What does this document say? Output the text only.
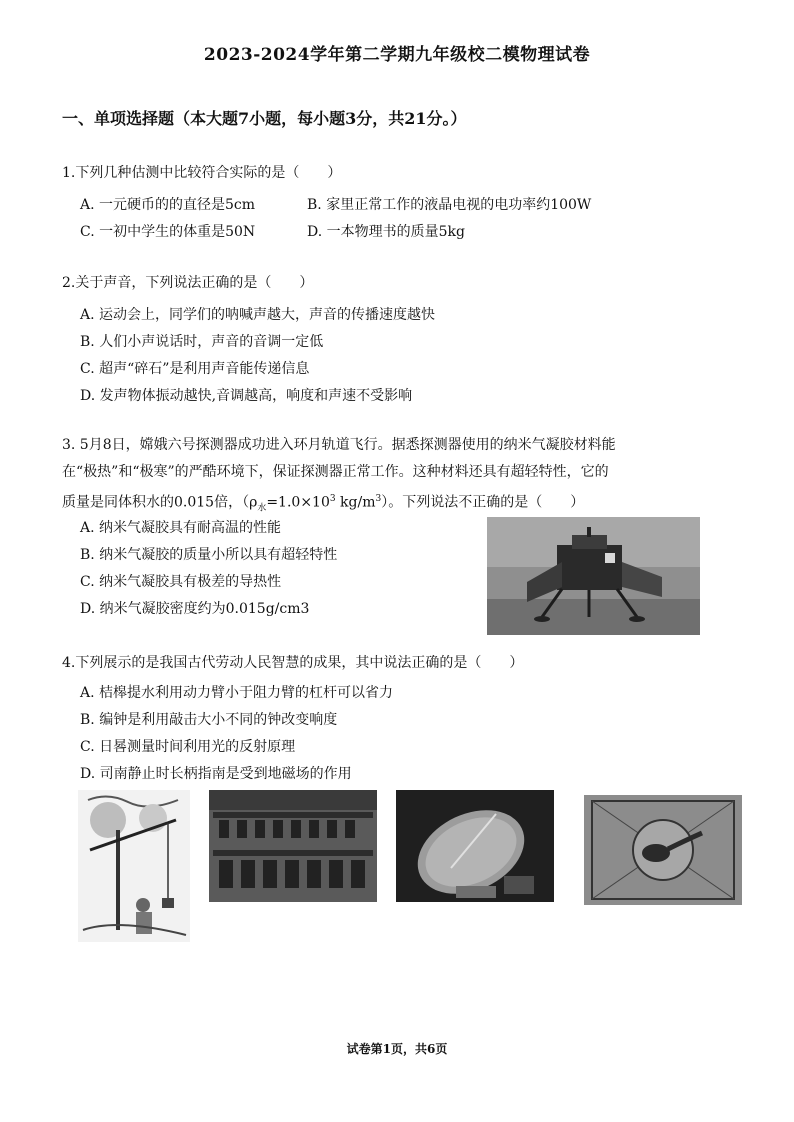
2023-2024学年第二学期九年级校二模物理试卷
一、单项选择题（本大题7小题，每小题3分，共21分。）
1.下列几种估测中比较符合实际的是（　　）
A. 一元硬币的的直径是5cm	B. 家里正常工作的液晶电视的电功率约100W
C. 一初中学生的体重是50N	D. 一本物理书的质量5kg
2.关于声音，下列说法正确的是（　　）
A. 运动会上，同学们的呐喊声越大，声音的传播速度越快
B. 人们小声说话时，声音的音调一定低
C. 超声“碎石”是利用声音能传递信息
D. 发声物体振动越快,音调越高，响度和声速不受影响
3. 5月8日，嫦娥六号探测器成功进入环月轨道飞行。据悉探测器使用的纳米气凝胶材料能
在“极热”和“极寒”的严酷环境下，保证探测器正常工作。这种材料还具有超轻特性，它的
质量是同体积水的0.015倍，（$\rho_水=1.0\times 10^3$ $kg/m^3$）。下列说法不正确的是（　　）
A. 纳米气凝胶具有耐高温的性能
B. 纳米气凝胶的质量小所以具有超轻特性
C. 纳米气凝胶具有极差的导热性
D. 纳米气凝胶密度约为0.015g/cm3
4.下列展示的是我国古代劳动人民智慧的成果，其中说法正确的是（　　）
A. 桔槔提水利用动力臂小于阻力臂的杠杆可以省力
B. 编钟是利用敲击大小不同的钟改变响度
C. 日晷测量时间利用光的反射原理
D. 司南静止时长柄指南是受到地磁场的作用
试卷第1页，共6页
